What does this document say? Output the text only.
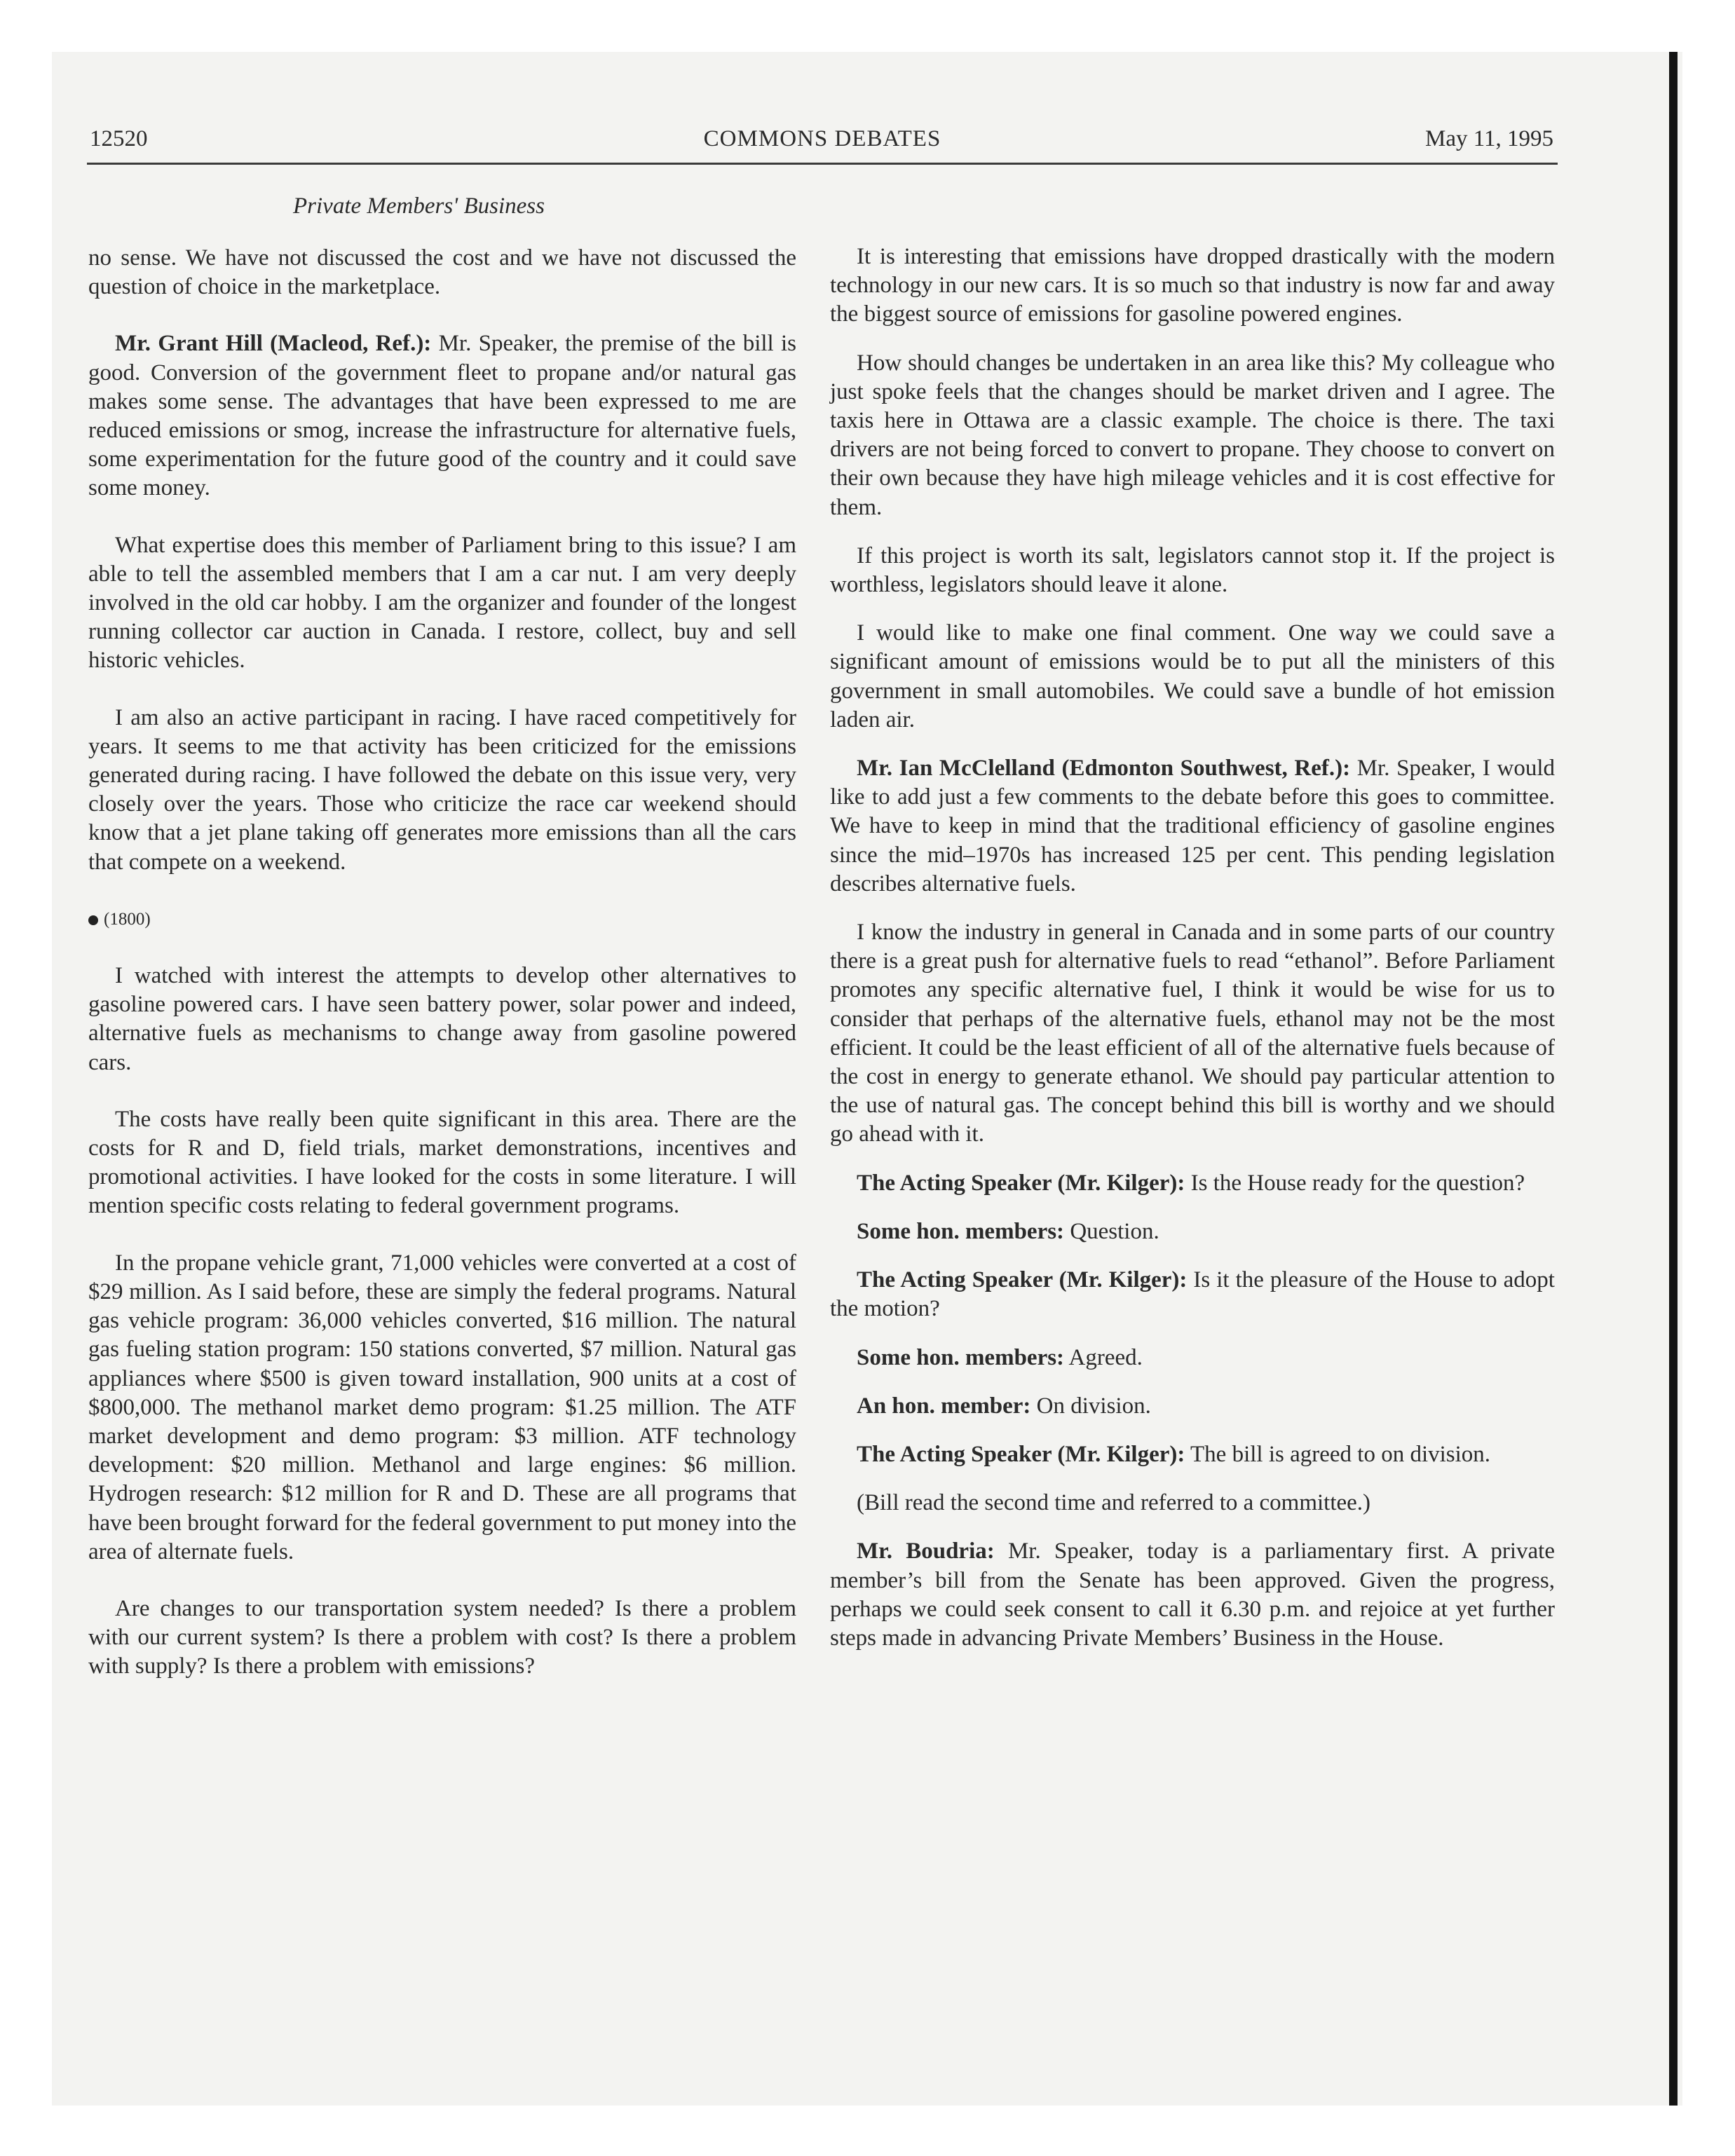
12520	COMMONS DEBATES	May 11, 1995
Private Members' Business

no sense. We have not discussed the cost and we have not discussed the question of choice in the marketplace.

Mr. Grant Hill (Macleod, Ref.): Mr. Speaker, the premise of the bill is good. Conversion of the government fleet to propane and/or natural gas makes some sense. The advantages that have been expressed to me are reduced emissions or smog, increase the infrastructure for alternative fuels, some experimentation for the future good of the country and it could save some money.

What expertise does this member of Parliament bring to this issue? I am able to tell the assembled members that I am a car nut. I am very deeply involved in the old car hobby. I am the organizer and founder of the longest running collector car auction in Canada. I restore, collect, buy and sell historic vehicles.

I am also an active participant in racing. I have raced competitively for years. It seems to me that activity has been criticized for the emissions generated during racing. I have followed the debate on this issue very, very closely over the years. Those who criticize the race car weekend should know that a jet plane taking off generates more emissions than all the cars that compete on a weekend.

(1800)

I watched with interest the attempts to develop other alternatives to gasoline powered cars. I have seen battery power, solar power and indeed, alternative fuels as mechanisms to change away from gasoline powered cars.

The costs have really been quite significant in this area. There are the costs for R and D, field trials, market demonstrations, incentives and promotional activities. I have looked for the costs in some literature. I will mention specific costs relating to federal government programs.

In the propane vehicle grant, 71,000 vehicles were converted at a cost of $29 million. As I said before, these are simply the federal programs. Natural gas vehicle program: 36,000 vehicles converted, $16 million. The natural gas fueling station program: 150 stations converted, $7 million. Natural gas appliances where $500 is given toward installation, 900 units at a cost of $800,000. The methanol market demo program: $1.25 million. The ATF market development and demo program: $3 million. ATF technology development: $20 million. Methanol and large engines: $6 million. Hydrogen research: $12 million for R and D. These are all programs that have been brought forward for the federal government to put money into the area of alternate fuels.

Are changes to our transportation system needed? Is there a problem with our current system? Is there a problem with cost? Is there a problem with supply? Is there a problem with emissions?

It is interesting that emissions have dropped drastically with the modern technology in our new cars. It is so much so that industry is now far and away the biggest source of emissions for gasoline powered engines.

How should changes be undertaken in an area like this? My colleague who just spoke feels that the changes should be market driven and I agree. The taxis here in Ottawa are a classic example. The choice is there. The taxi drivers are not being forced to convert to propane. They choose to convert on their own because they have high mileage vehicles and it is cost effective for them.

If this project is worth its salt, legislators cannot stop it. If the project is worthless, legislators should leave it alone.

I would like to make one final comment. One way we could save a significant amount of emissions would be to put all the ministers of this government in small automobiles. We could save a bundle of hot emission laden air.

Mr. Ian McClelland (Edmonton Southwest, Ref.): Mr. Speaker, I would like to add just a few comments to the debate before this goes to committee. We have to keep in mind that the traditional efficiency of gasoline engines since the mid–1970s has increased 125 per cent. This pending legislation describes alternative fuels.

I know the industry in general in Canada and in some parts of our country there is a great push for alternative fuels to read “ethanol”. Before Parliament promotes any specific alternative fuel, I think it would be wise for us to consider that perhaps of the alternative fuels, ethanol may not be the most efficient. It could be the least efficient of all of the alternative fuels because of the cost in energy to generate ethanol. We should pay particular attention to the use of natural gas. The concept behind this bill is worthy and we should go ahead with it.

The Acting Speaker (Mr. Kilger): Is the House ready for the question?

Some hon. members: Question.

The Acting Speaker (Mr. Kilger): Is it the pleasure of the House to adopt the motion?

Some hon. members: Agreed.

An hon. member: On division.

The Acting Speaker (Mr. Kilger): The bill is agreed to on division.

(Bill read the second time and referred to a committee.)

Mr. Boudria: Mr. Speaker, today is a parliamentary first. A private member’s bill from the Senate has been approved. Given the progress, perhaps we could seek consent to call it 6.30 p.m. and rejoice at yet further steps made in advancing Private Members’ Business in the House.
